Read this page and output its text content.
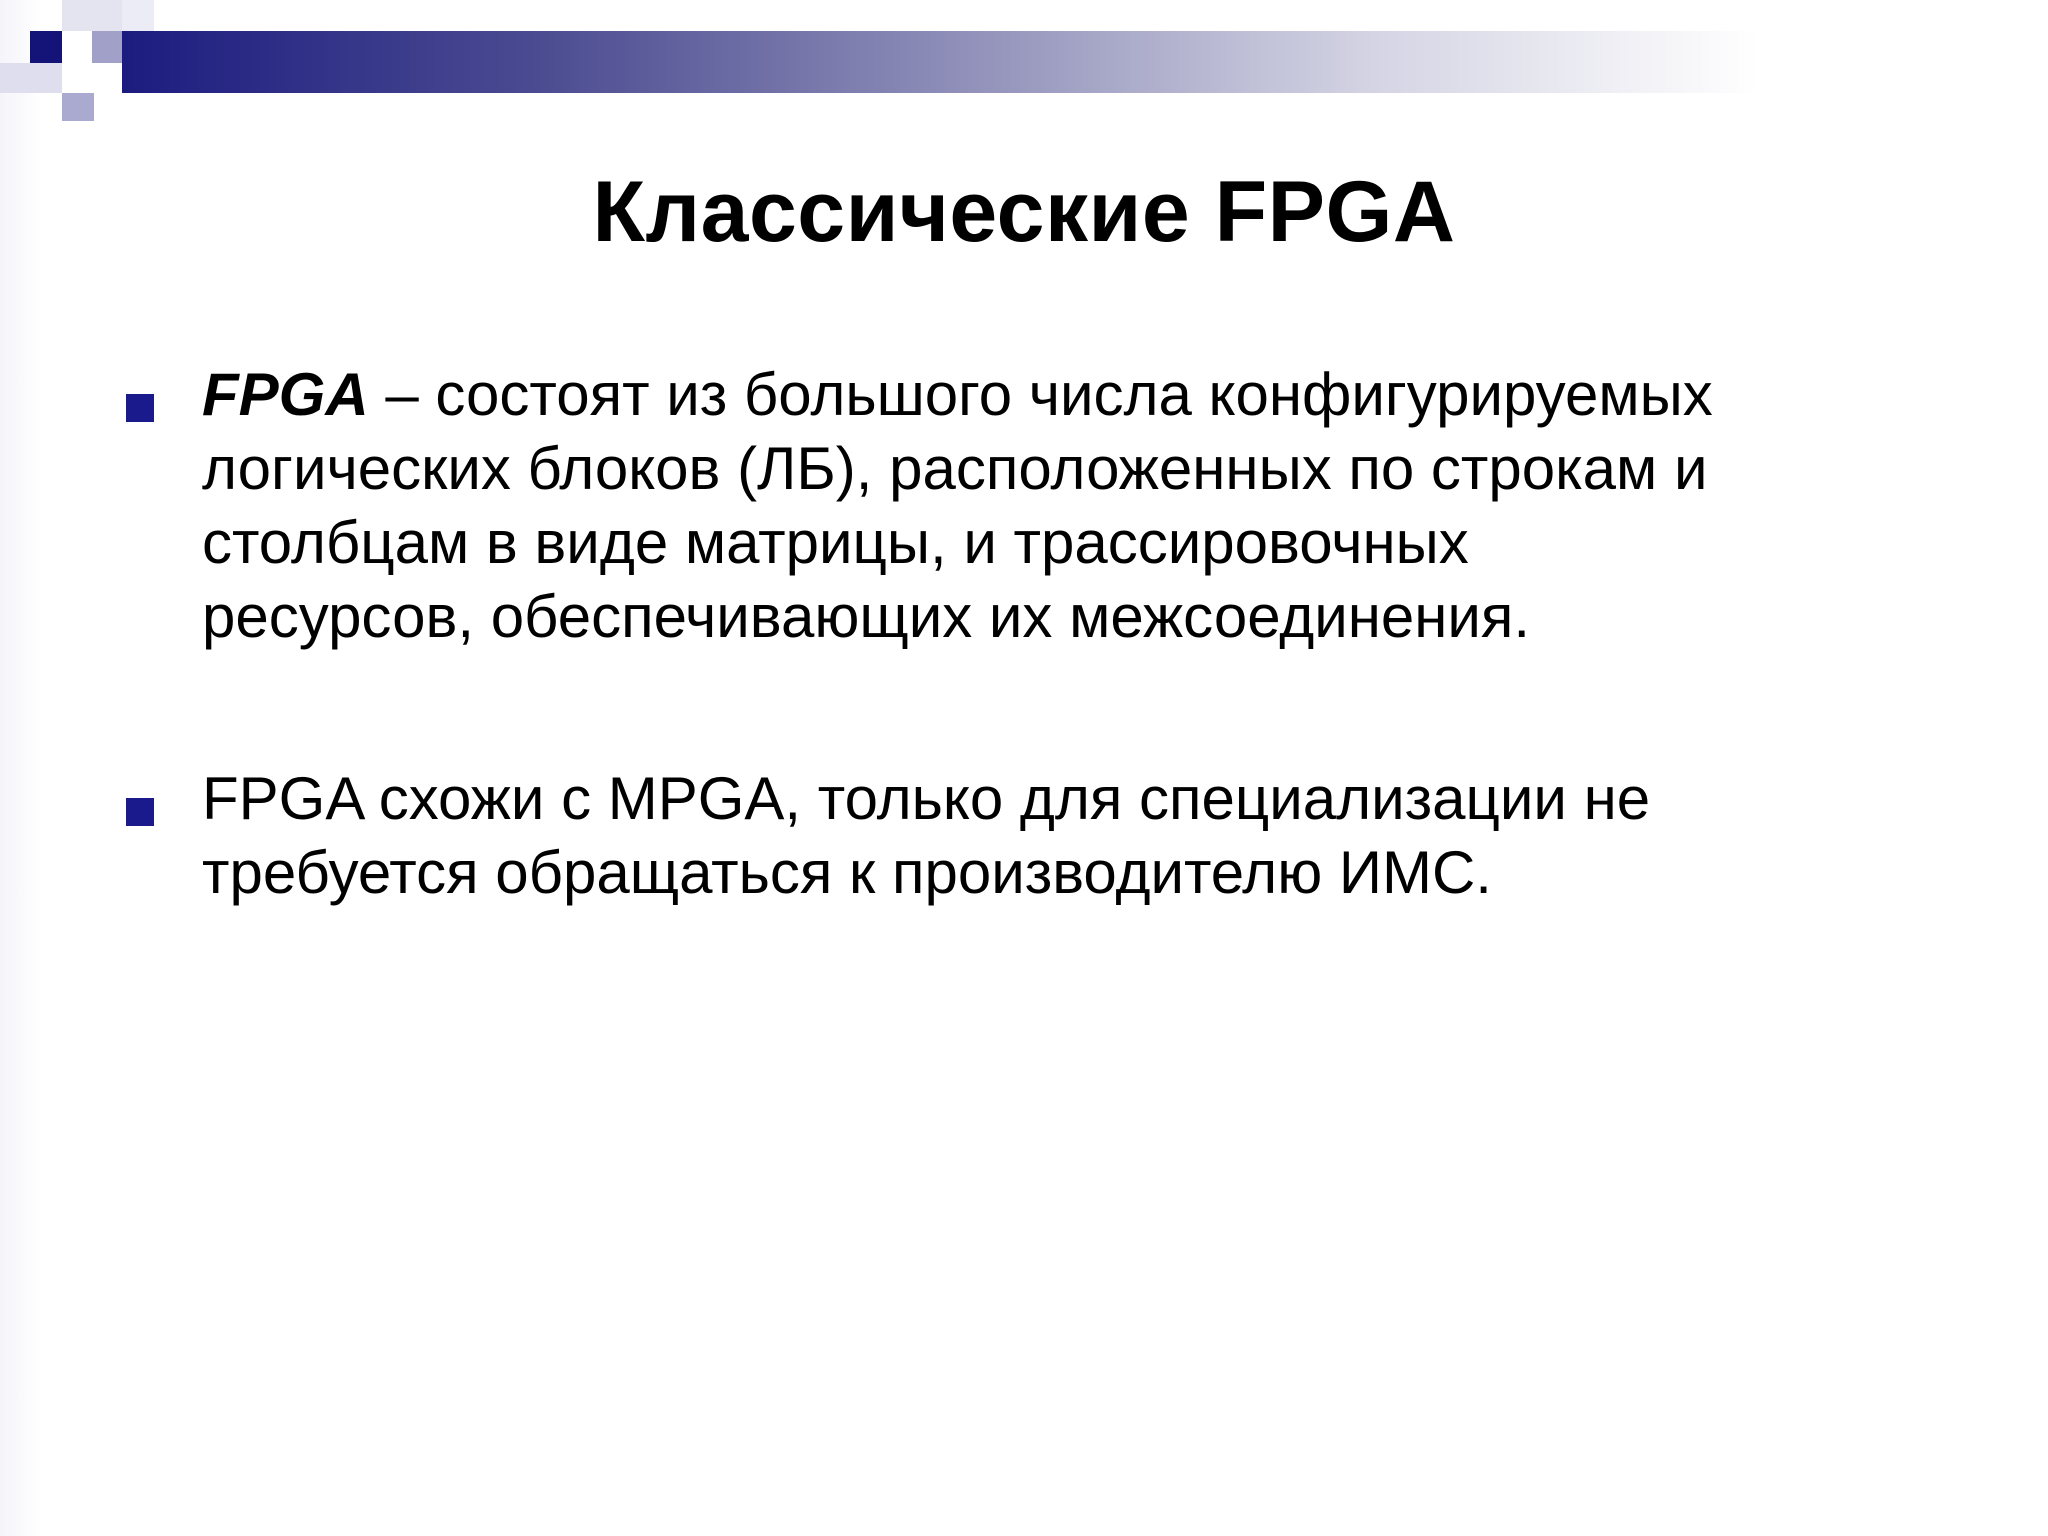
Классические FPGA
FPGA – состоят из большого числа конфигурируемых
логических блоков (ЛБ), расположенных по строкам и
столбцам в виде матрицы, и трассировочных
ресурсов, обеспечивающих их межсоединения.
FPGA схожи с MPGA, только для специализации не
требуется обращаться к производителю ИМС.
